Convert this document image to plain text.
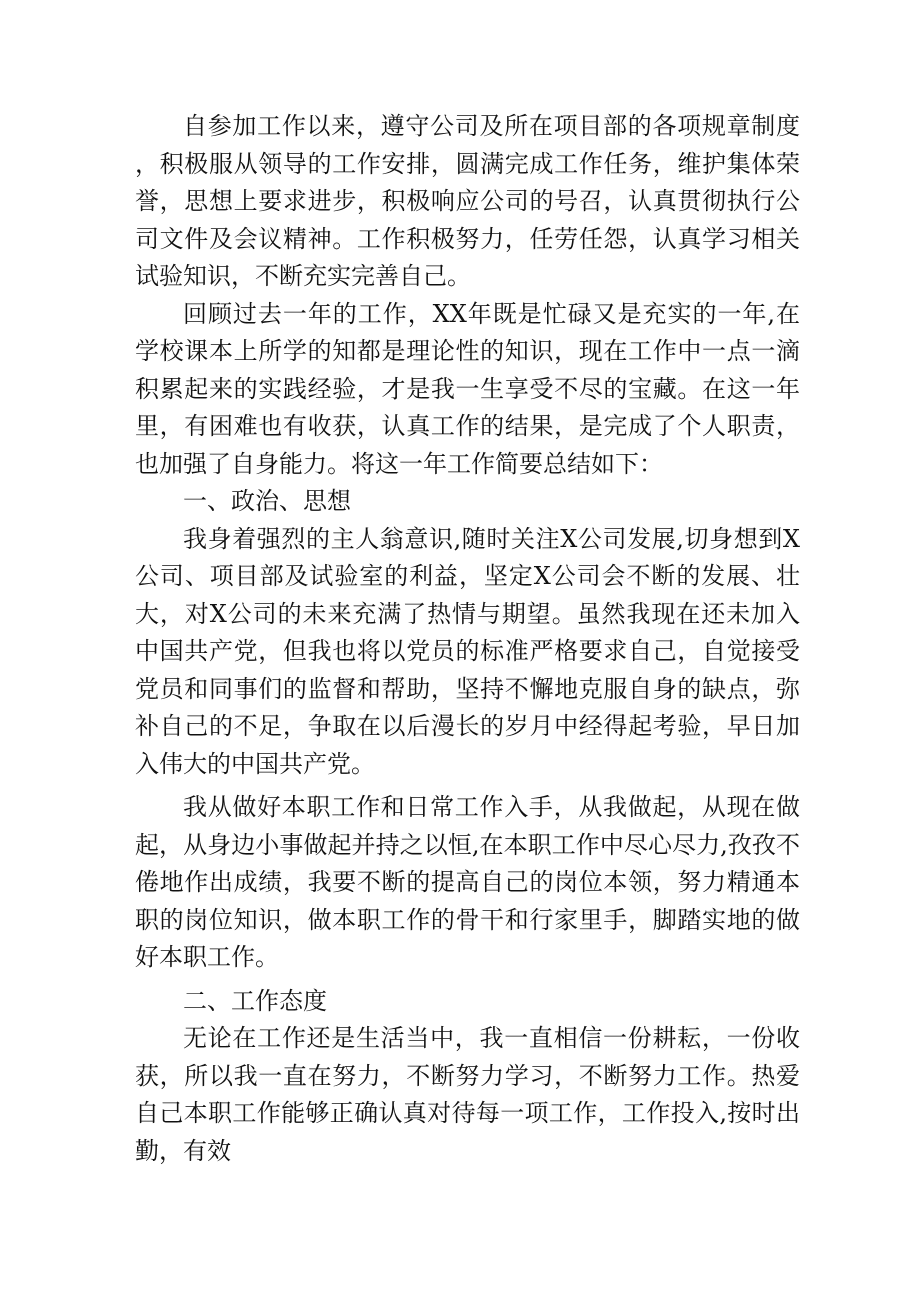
自参加工作以来，遵守公司及所在项目部的各项规章制度，积极服从领导的工作安排，圆满完成工作任务，维护集体荣誉，思想上要求进步，积极响应公司的号召，认真贯彻执行公司文件及会议精神。工作积极努力，任劳任怨，认真学习相关试验知识，不断充实完善自己。

回顾过去一年的工作，XX年既是忙碌又是充实的一年,在学校课本上所学的知都是理论性的知识，现在工作中一点一滴积累起来的实践经验，才是我一生享受不尽的宝藏。在这一年里，有困难也有收获，认真工作的结果，是完成了个人职责，也加强了自身能力。将这一年工作简要总结如下：

一、政治、思想

我身着强烈的主人翁意识,随时关注X公司发展,切身想到X公司、项目部及试验室的利益，坚定X公司会不断的发展、壮大，对X公司的未来充满了热情与期望。虽然我现在还未加入中国共产党，但我也将以党员的标准严格要求自己，自觉接受党员和同事们的监督和帮助，坚持不懈地克服自身的缺点，弥补自己的不足，争取在以后漫长的岁月中经得起考验，早日加入伟大的中国共产党。

我从做好本职工作和日常工作入手，从我做起，从现在做起，从身边小事做起并持之以恒,在本职工作中尽心尽力,孜孜不倦地作出成绩，我要不断的提高自己的岗位本领，努力精通本职的岗位知识，做本职工作的骨干和行家里手，脚踏实地的做好本职工作。

二、工作态度

无论在工作还是生活当中，我一直相信一份耕耘，一份收获，所以我一直在努力，不断努力学习，不断努力工作。热爱自己本职工作能够正确认真对待每一项工作，工作投入,按时出勤，有效
